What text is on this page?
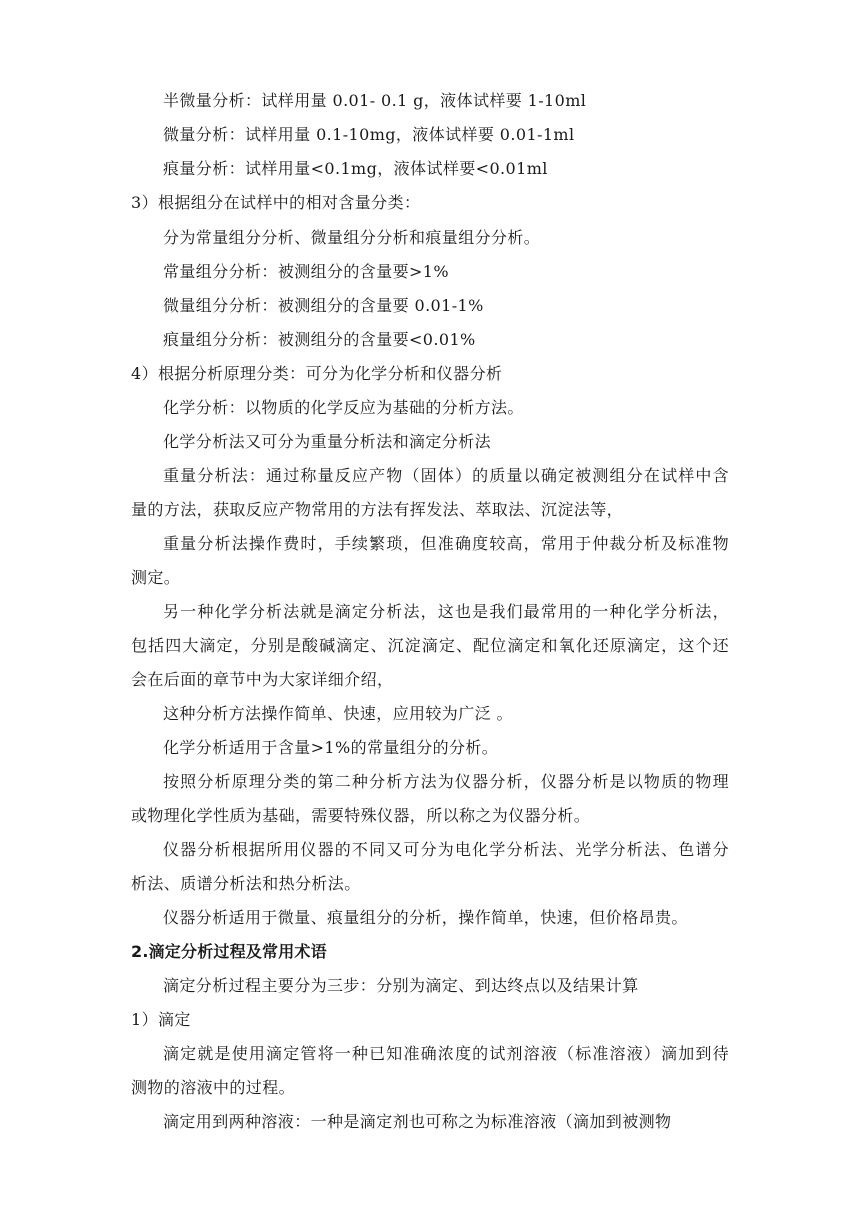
半微量分析：试样用量 0.01- 0.1 g，液体试样要 1-10ml
微量分析：试样用量 0.1-10mg，液体试样要 0.01-1ml
痕量分析：试样用量<0.1mg，液体试样要<0.01ml
3）根据组分在试样中的相对含量分类：
分为常量组分分析、微量组分分析和痕量组分分析。
常量组分分析：被测组分的含量要>1%
微量组分分析：被测组分的含量要 0.01-1%
痕量组分分析：被测组分的含量要<0.01%
4）根据分析原理分类：可分为化学分析和仪器分析
化学分析：以物质的化学反应为基础的分析方法。
化学分析法又可分为重量分析法和滴定分析法
重量分析法：通过称量反应产物（固体）的质量以确定被测组分在试样中含
量的方法，获取反应产物常用的方法有挥发法、萃取法、沉淀法等，
重量分析法操作费时，手续繁琐，但准确度较高，常用于仲裁分析及标准物
测定。
另一种化学分析法就是滴定分析法，这也是我们最常用的一种化学分析法，
包括四大滴定，分别是酸碱滴定、沉淀滴定、配位滴定和氧化还原滴定，这个还
会在后面的章节中为大家详细介绍，
这种分析方法操作简单、快速，应用较为广泛 。
化学分析适用于含量>1%的常量组分的分析。
按照分析原理分类的第二种分析方法为仪器分析，仪器分析是以物质的物理
或物理化学性质为基础，需要特殊仪器，所以称之为仪器分析。
仪器分析根据所用仪器的不同又可分为电化学分析法、光学分析法、色谱分
析法、质谱分析法和热分析法。
仪器分析适用于微量、痕量组分的分析，操作简单，快速，但价格昂贵。
2.滴定分析过程及常用术语
滴定分析过程主要分为三步：分别为滴定、到达终点以及结果计算
1）滴定
滴定就是使用滴定管将一种已知准确浓度的试剂溶液（标准溶液）滴加到待
测物的溶液中的过程。
滴定用到两种溶液：一种是滴定剂也可称之为标准溶液（滴加到被测物
